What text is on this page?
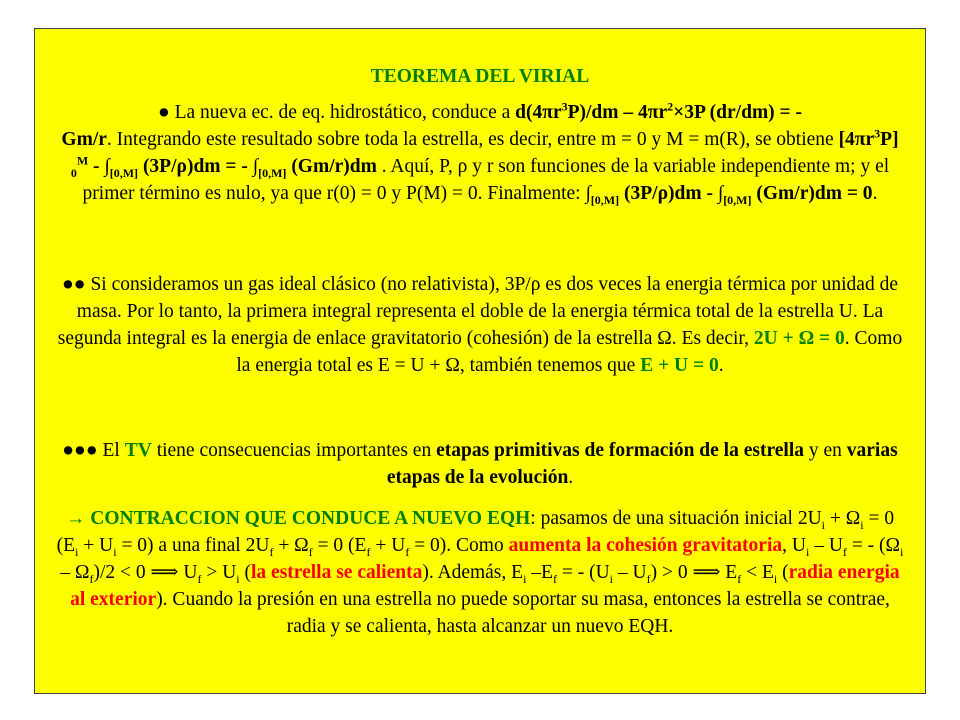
TEOREMA DEL VIRIAL
● La nueva ec. de eq. hidrostático, conduce a $d(4\pi r^3P)/dm - 4\pi r^2\times 3P$ (dr/dm) = -
Gm/r. Integrando este resultado sobre toda la estrella, es decir, entre m = 0 y M = m(R), se obtiene $[4\pi r^3P]$ $_0^M - \int_{[0,M]}$ (3P/ρ)dm = - $\int_{[0,M]}$ (Gm/r)dm . Aquí, P, ρ y r son funciones de la variable independiente m; y el primer término es nulo, ya que r(0) = 0 y P(M) = 0. Finalmente: $\int_{[0,M]}$ $(3P/\rho)dm - \int_{[0,M]}$ (Gm/r)dm = 0.
●● Si consideramos un gas ideal clásico (no relativista), 3P/ρ es dos veces la energia térmica por unidad de masa. Por lo tanto, la primera integral representa el doble de la energia térmica total de la estrella U. La segunda integral es la energia de enlace gravitatorio (cohesión) de la estrella Ω. Es decir, 2U + Ω = 0. Como la energia total es E = U + Ω, también tenemos que E + U = 0.
●●● El TV tiene consecuencias importantes en etapas primitivas de formación de la estrella y en varias etapas de la evolución.
→ CONTRACCION QUE CONDUCE A NUEVO EQH: pasamos de una situación inicial $2U_i + \Omega_i = 0$ $(E_i + U_i = 0)$ a una final $2U_f + \Omega_f = 0$ $(E_f + U_f = 0)$. Como aumenta la cohesión gravitatoria, $U_i - U_f$ = - $(\Omega_i - \Omega_f)/2 < 0$ ⟹ $U_f > U_i$ (la estrella se calienta). Además, $E_i$ $-E_f$ = - $(U_i - U_f) > 0$ ⟹ $E_f < E_i$ (radia energia al exterior). Cuando la presión en una estrella no puede soportar su masa, entonces la estrella se contrae, radia y se calienta, hasta alcanzar un nuevo EQH.
